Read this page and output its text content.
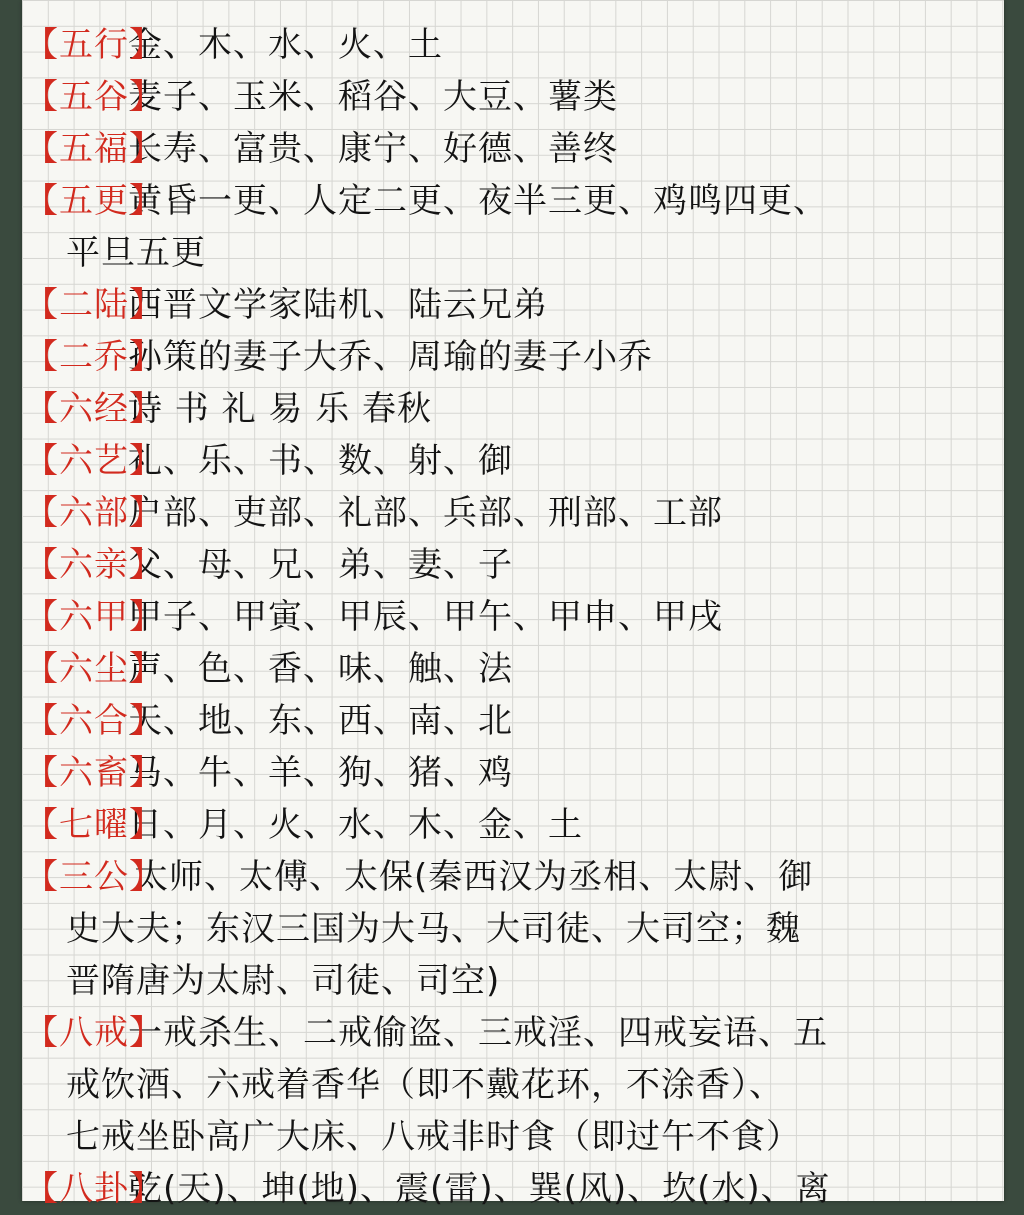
【五行】
金、木、水、火、土
【五谷】
麦子、玉米、稻谷、大豆、薯类
【五福】
长寿、富贵、康宁、好德、善终
【五更】
黄昏一更、人定二更、夜半三更、鸡鸣四更、
平旦五更
【二陆】
西晋文学家陆机、陆云兄弟
【二乔】
孙策的妻子大乔、周瑜的妻子小乔
【六经】
诗 书 礼 易 乐 春秋
【六艺】
礼、乐、书、数、射、御
【六部】
户部、吏部、礼部、兵部、刑部、工部
【六亲】
父、母、兄、弟、妻、子
【六甲】
甲子、甲寅、甲辰、甲午、甲申、甲戌
【六尘】
声、色、香、味、触、法
【六合】
天、地、东、西、南、北
【六畜】
马、牛、羊、狗、猪、鸡
【七曜】
日、月、火、水、木、金、土
【三公】
太师、太傅、太保(秦西汉为丞相、太尉、御
史大夫；东汉三国为大马、大司徒、大司空；魏
晋隋唐为太尉、司徒、司空)
【八戒】
一戒杀生、二戒偷盗、三戒淫、四戒妄语、五
戒饮酒、六戒着香华（即不戴花环，不涂香）、
七戒坐卧高广大床、八戒非时食（即过午不食）
【八卦】
乾(天)、坤(地)、震(雷)、巽(风)、坎(水)、离
